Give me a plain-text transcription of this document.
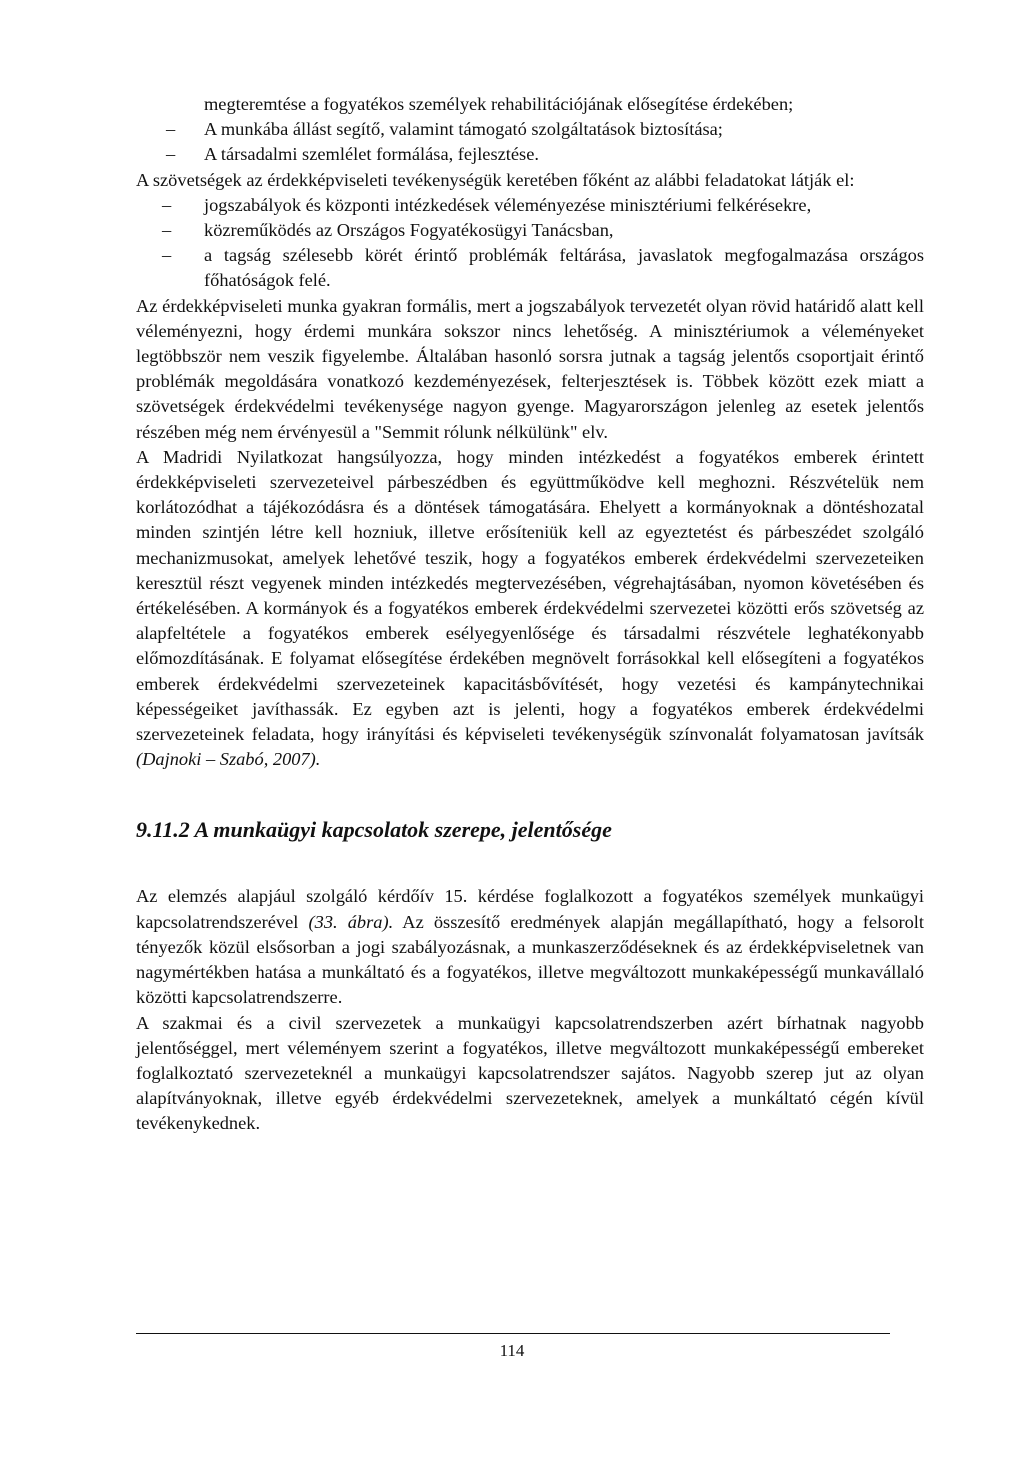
megteremtése a fogyatékos személyek rehabilitációjának elősegítése érdekében;

– A munkába állást segítő, valamint támogató szolgáltatások biztosítása;
– A társadalmi szemlélet formálása, fejlesztése.

A szövetségek az érdekképviseleti tevékenységük keretében főként az alábbi feladatokat látják el:

– jogszabályok és központi intézkedések véleményezése minisztériumi felkérésekre,
– közreműködés az Országos Fogyatékosügyi Tanácsban,
– a tagság szélesebb körét érintő problémák feltárása, javaslatok megfogalmazása országos főhatóságok felé.

Az érdekképviseleti munka gyakran formális, mert a jogszabályok tervezetét olyan rövid határidő alatt kell véleményezni, hogy érdemi munkára sokszor nincs lehetőség. A minisztériumok a véleményeket legtöbbször nem veszik figyelembe. Általában hasonló sorsra jutnak a tagság jelentős csoportjait érintő problémák megoldására vonatkozó kezdeményezések, felterjesztések is. Többek között ezek miatt a szövetségek érdekvédelmi tevékenysége nagyon gyenge. Magyarországon jelenleg az esetek jelentős részében még nem érvényesül a "Semmit rólunk nélkülünk" elv.

A Madridi Nyilatkozat hangsúlyozza, hogy minden intézkedést a fogyatékos emberek érintett érdekképviseleti szervezeteivel párbeszédben és együttműködve kell meghozni. Részvételük nem korlátozódhat a tájékozódásra és a döntések támogatására. Ehelyett a kormányoknak a döntéshozatal minden szintjén létre kell hozniuk, illetve erősíteniük kell az egyeztetést és párbeszédet szolgáló mechanizmusokat, amelyek lehetővé teszik, hogy a fogyatékos emberek érdekvédelmi szervezeteiken keresztül részt vegyenek minden intézkedés megtervezésében, végrehajtásában, nyomon követésében és értékelésében. A kormányok és a fogyatékos emberek érdekvédelmi szervezetei közötti erős szövetség az alapfeltétele a fogyatékos emberek esélyegyenlősége és társadalmi részvétele leghatékonyabb előmozdításának. E folyamat elősegítése érdekében megnövelt forrásokkal kell elősegíteni a fogyatékos emberek érdekvédelmi szervezeteinek kapacitásbővítését, hogy vezetési és kampánytechnikai képességeiket javíthassák. Ez egyben azt is jelenti, hogy a fogyatékos emberek érdekvédelmi szervezeteinek feladata, hogy irányítási és képviseleti tevékenységük színvonalát folyamatosan javítsák (Dajnoki – Szabó, 2007).

9.11.2 A munkaügyi kapcsolatok szerepe, jelentősége

Az elemzés alapjául szolgáló kérdőív 15. kérdése foglalkozott a fogyatékos személyek munkaügyi kapcsolatrendszerével (33. ábra). Az összesítő eredmények alapján megállapítható, hogy a felsorolt tényezők közül elsősorban a jogi szabályozásnak, a munkaszerződéseknek és az érdekképviseletnek van nagymértékben hatása a munkáltató és a fogyatékos, illetve megváltozott munkaképességű munkavállaló közötti kapcsolatrendszerre.

A szakmai és a civil szervezetek a munkaügyi kapcsolatrendszerben azért bírhatnak nagyobb jelentőséggel, mert véleményem szerint a fogyatékos, illetve megváltozott munkaképességű embereket foglalkoztató szervezeteknél a munkaügyi kapcsolatrendszer sajátos. Nagyobb szerep jut az olyan alapítványoknak, illetve egyéb érdekvédelmi szervezeteknek, amelyek a munkáltató cégén kívül tevékenykednek.

114
